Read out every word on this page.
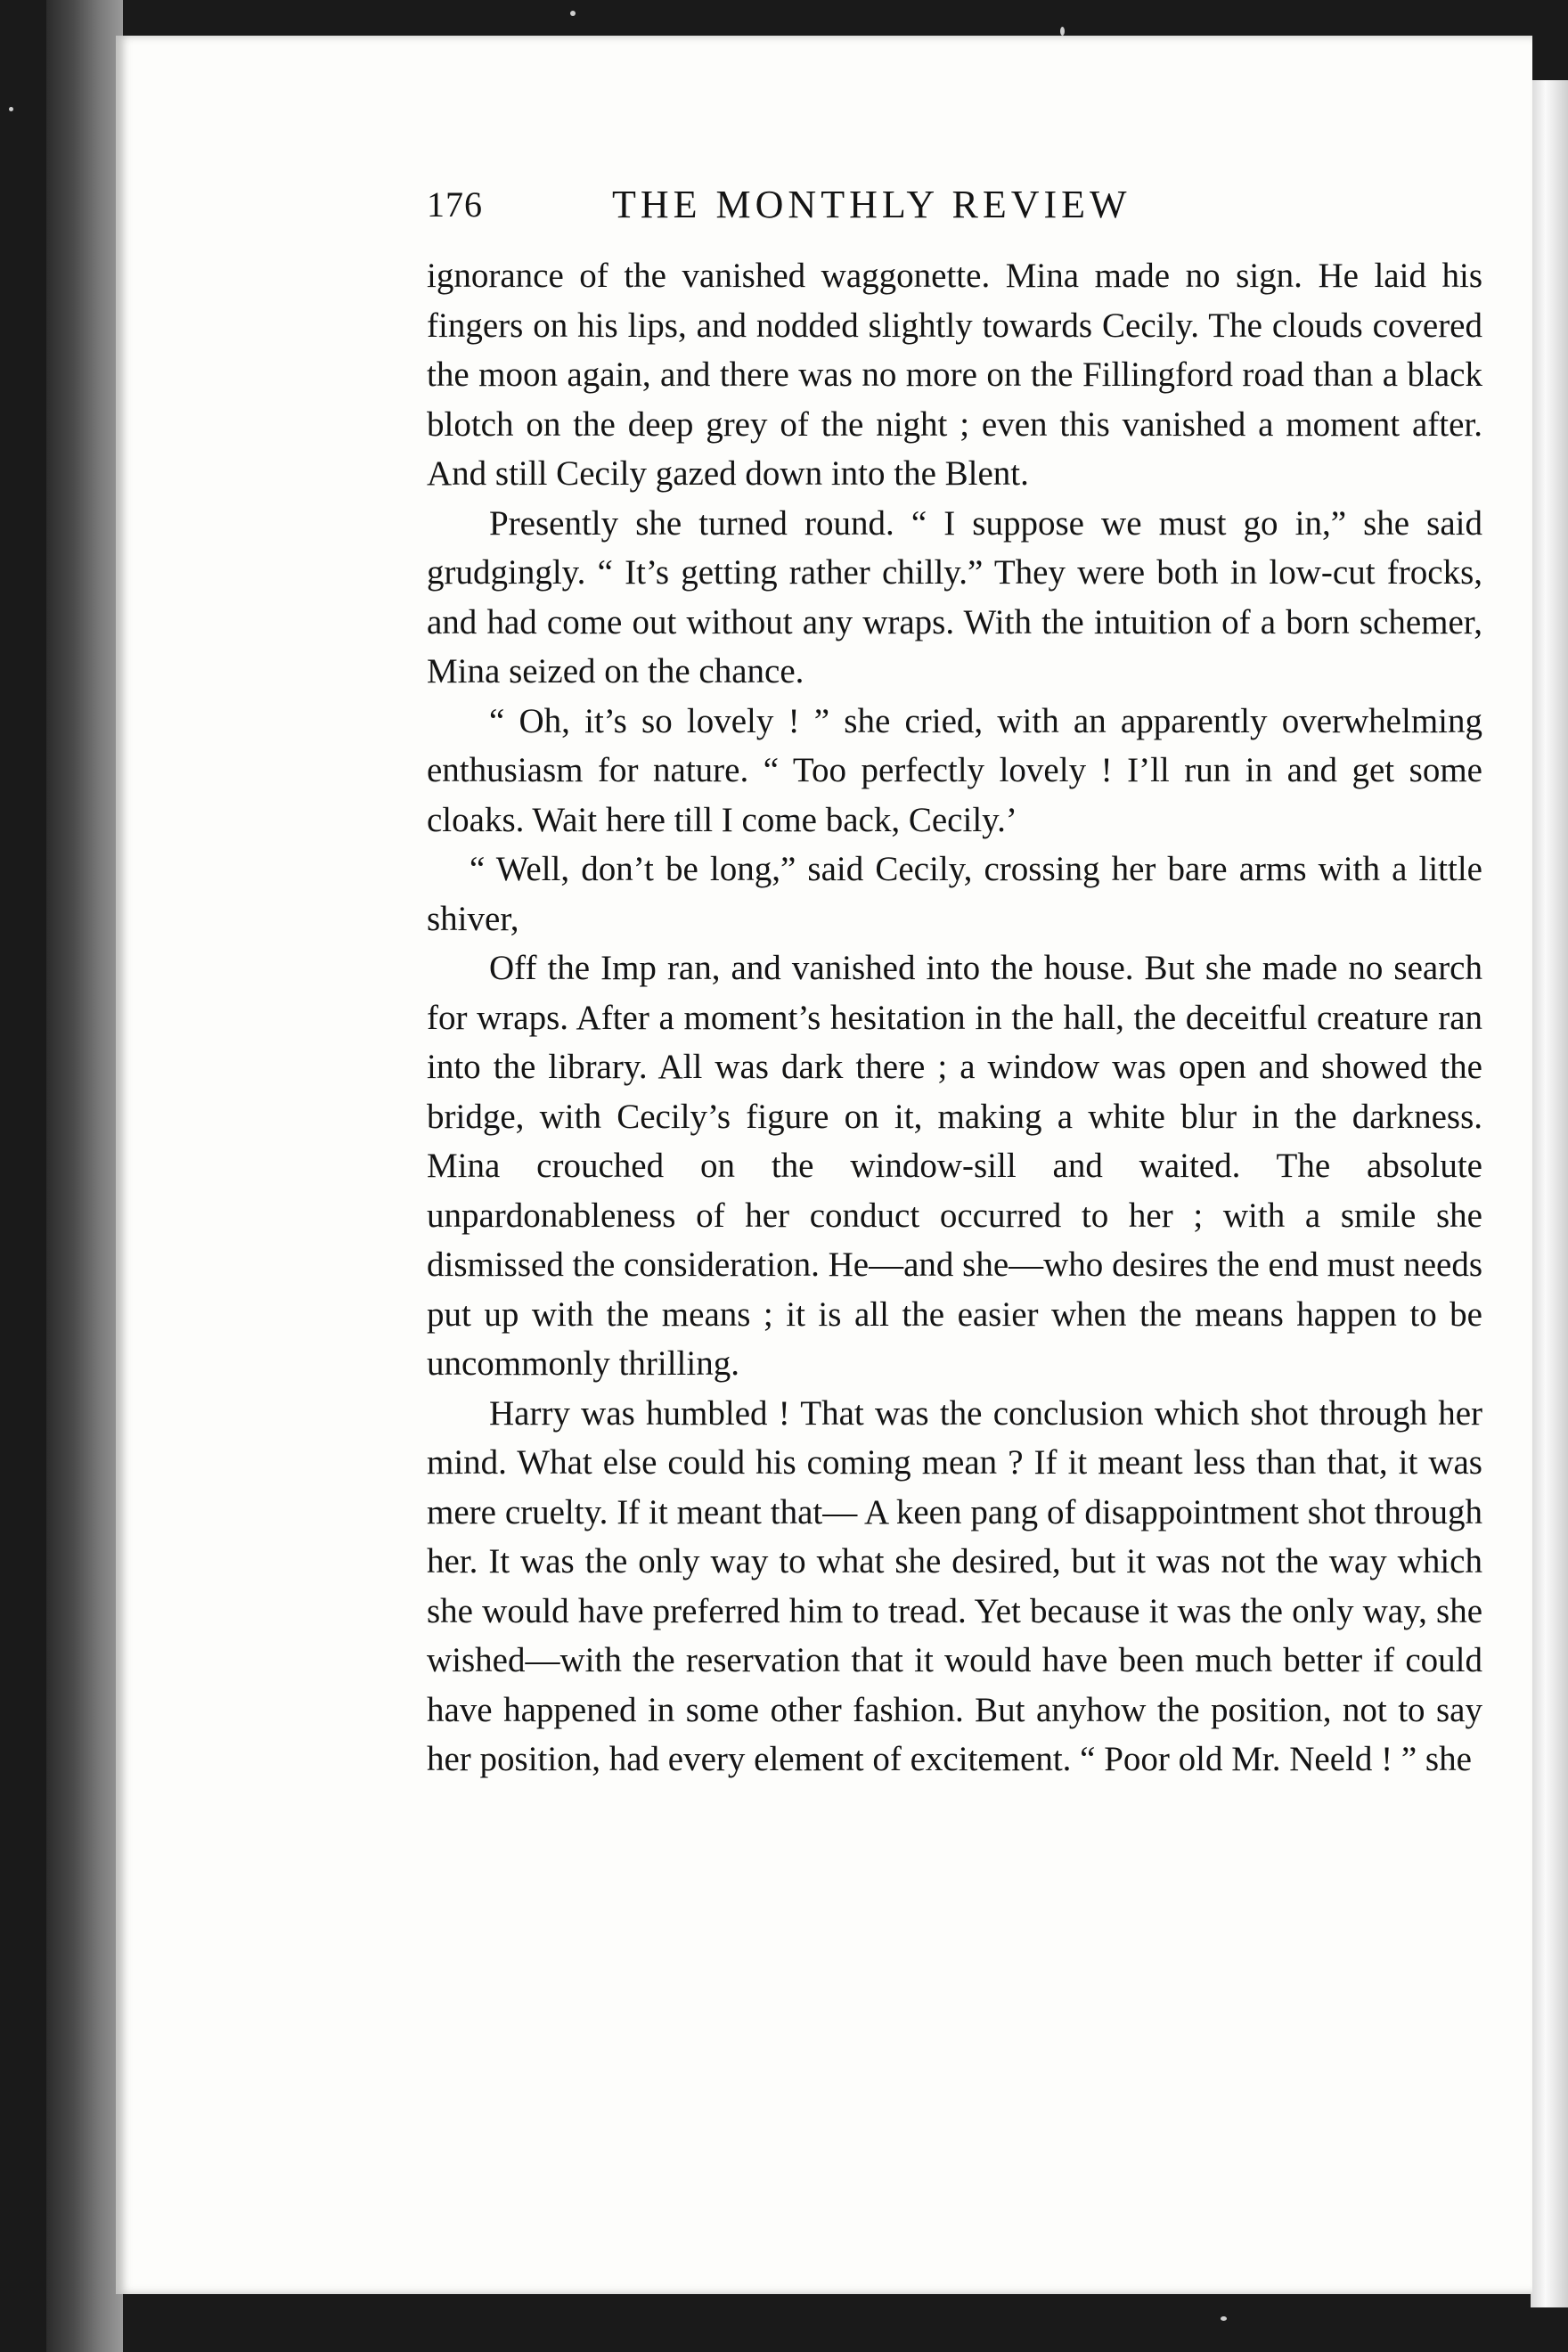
176	THE MONTHLY REVIEW

ignorance of the vanished waggonette. Mina made no sign. He laid his fingers on his lips, and nodded slightly towards Cecily. The clouds covered the moon again, and there was no more on the Fillingford road than a black blotch on the deep grey of the night ; even this vanished a moment after. And still Cecily gazed down into the Blent.

Presently she turned round. “ I suppose we must go in,” she said grudgingly. “ It’s getting rather chilly.” They were both in low-cut frocks, and had come out without any wraps. With the intuition of a born schemer, Mina seized on the chance.

“ Oh, it’s so lovely ! ” she cried, with an apparently overwhelming enthusiasm for nature. “ Too perfectly lovely ! I’ll run in and get some cloaks. Wait here till I come back, Cecily.’

“ Well, don’t be long,” said Cecily, crossing her bare arms with a little shiver,

Off the Imp ran, and vanished into the house. But she made no search for wraps. After a moment’s hesitation in the hall, the deceitful creature ran into the library. All was dark there ; a window was open and showed the bridge, with Cecily’s figure on it, making a white blur in the darkness. Mina crouched on the window-sill and waited. The absolute unpardonableness of her conduct occurred to her ; with a smile she dismissed the consideration. He—and she—who desires the end must needs put up with the means ; it is all the easier when the means happen to be uncommonly thrilling.

Harry was humbled ! That was the conclusion which shot through her mind. What else could his coming mean ? If it meant less than that, it was mere cruelty. If it meant that— A keen pang of disappointment shot through her. It was the only way to what she desired, but it was not the way which she would have preferred him to tread. Yet because it was the only way, she wished—with the reservation that it would have been much better if could have happened in some other fashion. But anyhow the position, not to say her position, had every element of excitement. “ Poor old Mr. Neeld ! ” she
